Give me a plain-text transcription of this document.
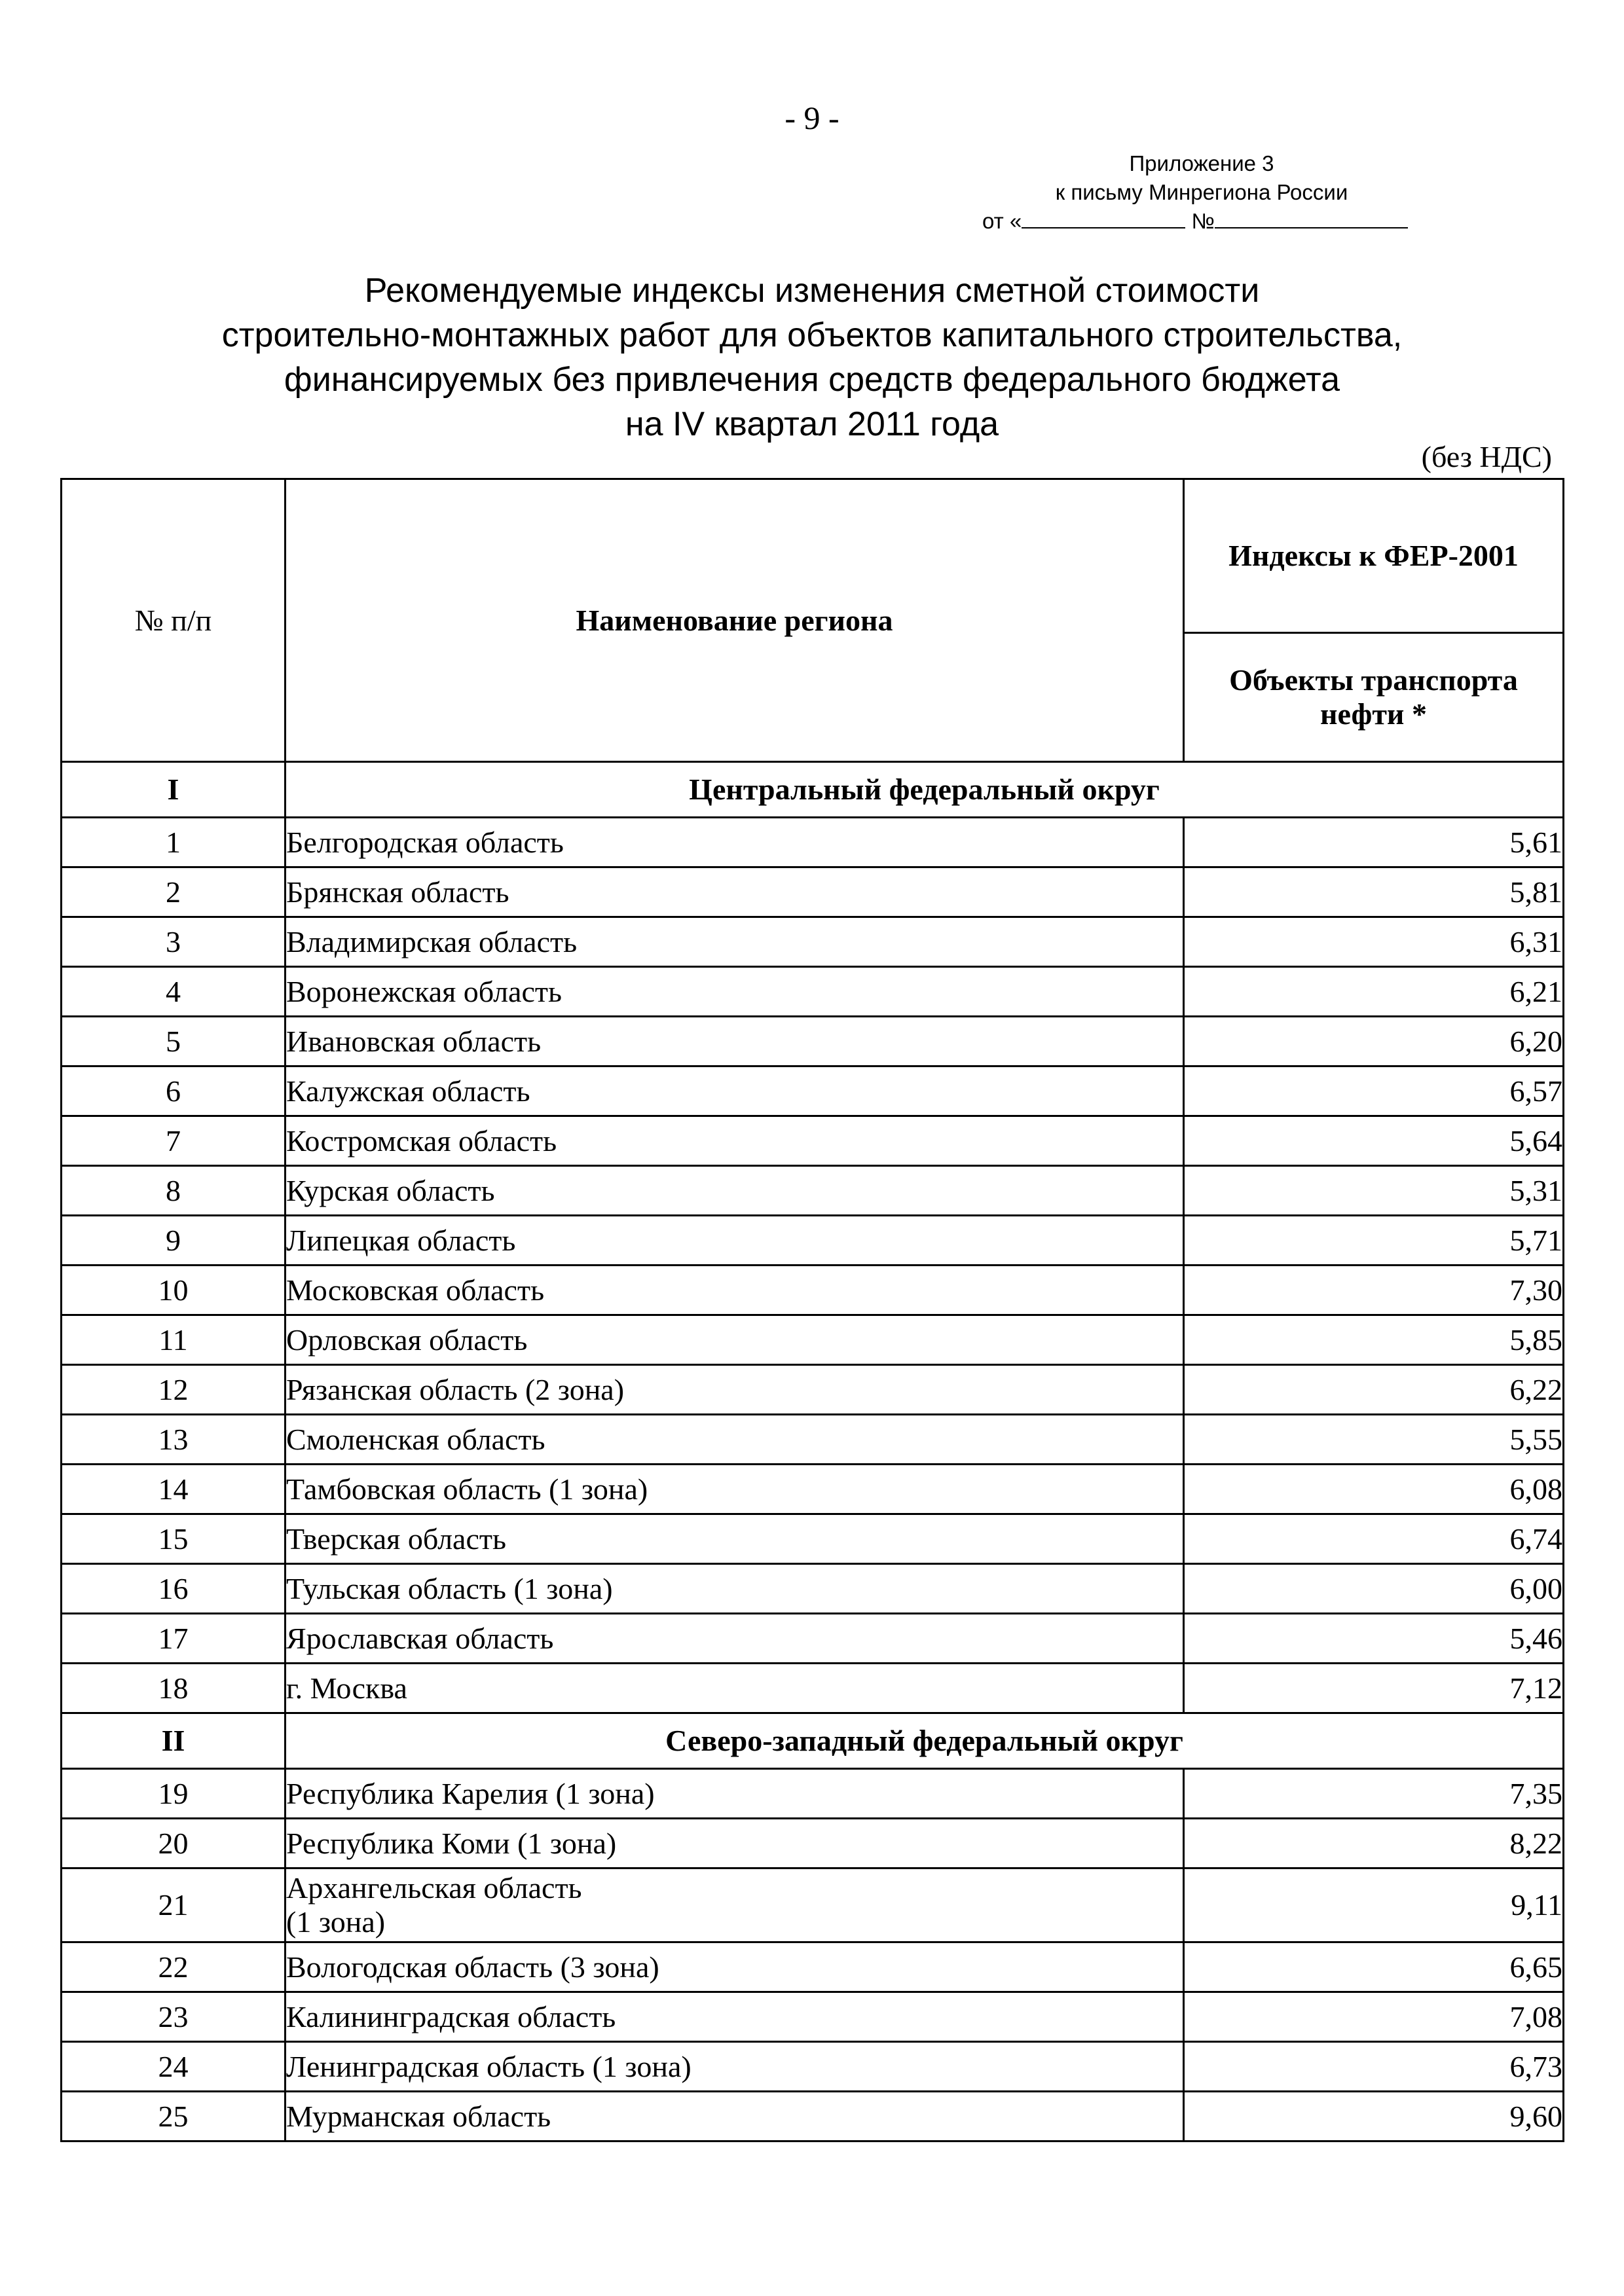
- 9 -
Приложение 3
к письму Минрегиона России
от «	№
Рекомендуемые индексы изменения сметной стоимости
строительно-монтажных работ для объектов капитального строительства,
финансируемых без привлечения средств федерального бюджета
на IV квартал 2011 года
(без НДС)
№ п/п	Наименование региона	Индексы к ФЕР-2001
		Объекты транспорта нефти *
I	Центральный федеральный округ	
1	Белгородская область	5,61
2	Брянская область	5,81
3	Владимирская область	6,31
4	Воронежская область	6,21
5	Ивановская область	6,20
6	Калужская область	6,57
7	Костромская область	5,64
8	Курская область	5,31
9	Липецкая область	5,71
10	Московская область	7,30
11	Орловская область	5,85
12	Рязанская область (2 зона)	6,22
13	Смоленская область	5,55
14	Тамбовская область (1 зона)	6,08
15	Тверская область	6,74
16	Тульская область (1 зона)	6,00
17	Ярославская область	5,46
18	г. Москва	7,12
II	Северо-западный федеральный округ	
19	Республика Карелия (1 зона)	7,35
20	Республика Коми (1 зона)	8,22
21	Архангельская область
(1 зона)	9,11
22	Вологодская область (3 зона)	6,65
23	Калининградская область	7,08
24	Ленинградская область (1 зона)	6,73
25	Мурманская область	9,60
